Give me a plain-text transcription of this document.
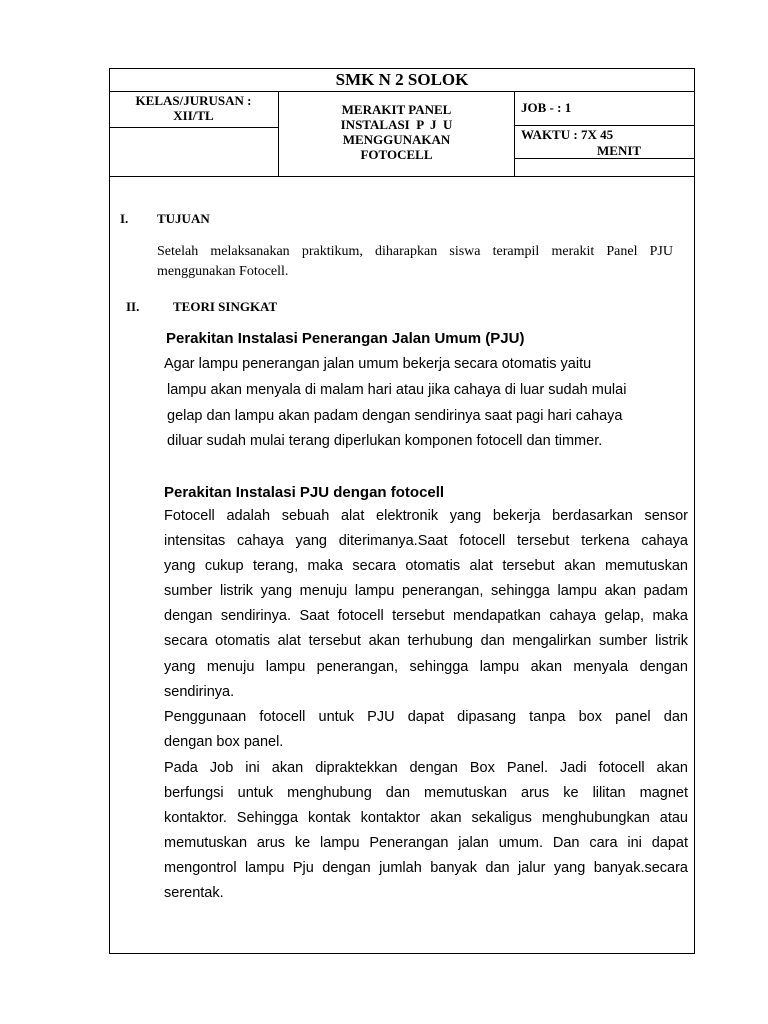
SMK N 2 SOLOK
KELAS/JURUSAN :
XII/TL	MERAKIT PANEL
INSTALASI  P  J  U
MENGGUNAKAN
FOTOCELL
JOB - : 1
WAKTU : 7X 45
MENIT
I. TUJUAN
Setelah melaksanakan praktikum, diharapkan siswa terampil merakit Panel PJU
menggunakan Fotocell.
II.	TEORI SINGKAT
Perakitan Instalasi Penerangan Jalan Umum (PJU)
Agar lampu penerangan jalan umum bekerja secara otomatis yaitu
lampu akan menyala di malam hari atau jika cahaya di luar sudah mulai
gelap dan lampu akan padam dengan sendirinya saat pagi hari cahaya
diluar sudah mulai terang diperlukan komponen fotocell dan timmer.
Perakitan Instalasi PJU dengan fotocell
Fotocell adalah sebuah alat elektronik yang bekerja berdasarkan sensor
intensitas cahaya yang diterimanya.Saat fotocell tersebut terkena cahaya
yang cukup terang, maka secara otomatis alat tersebut akan memutuskan
sumber listrik yang menuju lampu penerangan, sehingga lampu akan padam
dengan sendirinya. Saat fotocell tersebut mendapatkan cahaya gelap, maka
secara otomatis alat tersebut akan terhubung dan mengalirkan sumber listrik
yang menuju lampu penerangan, sehingga lampu akan menyala dengan
sendirinya.
Penggunaan fotocell untuk PJU dapat dipasang tanpa box panel dan
dengan box panel.
Pada Job ini akan dipraktekkan dengan Box Panel. Jadi fotocell akan
berfungsi untuk menghubung dan memutuskan arus ke lilitan magnet
kontaktor. Sehingga kontak kontaktor akan sekaligus menghubungkan atau
memutuskan arus ke lampu Penerangan jalan umum. Dan cara ini dapat
mengontrol lampu Pju dengan jumlah banyak dan jalur yang banyak.secara
serentak.
